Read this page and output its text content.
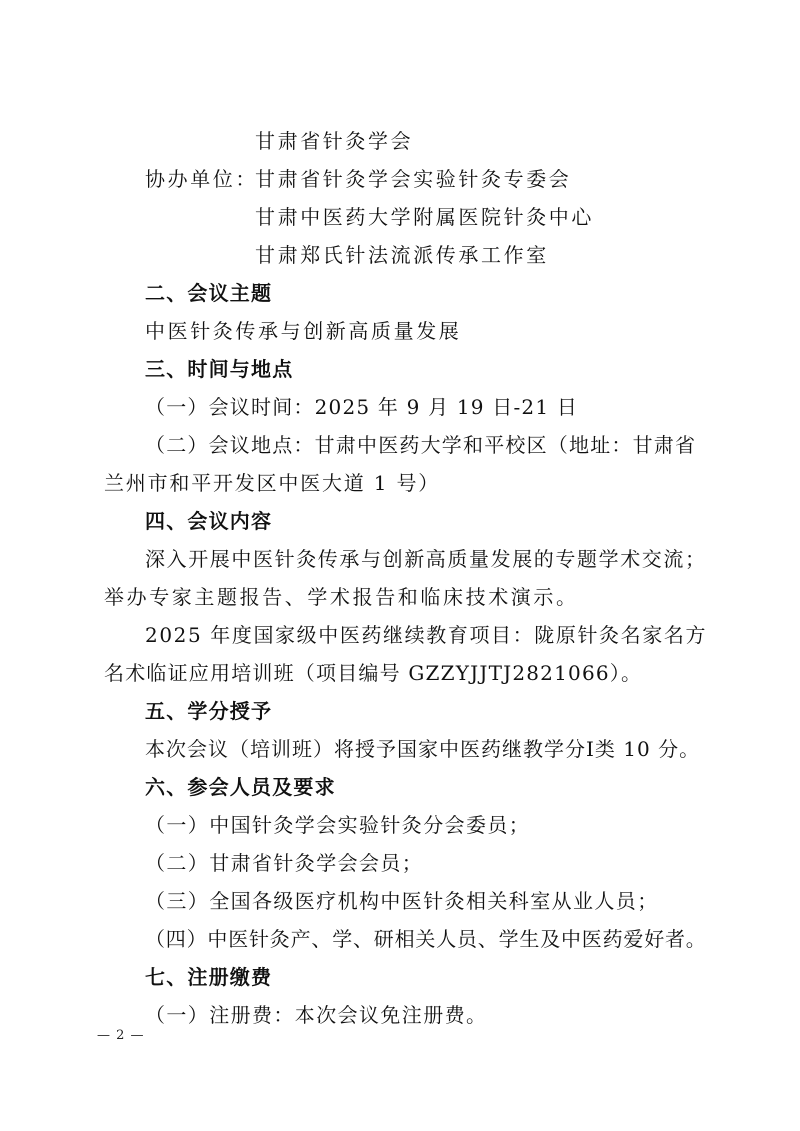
甘肃省针灸学会
协办单位：
甘肃省针灸学会实验针灸专委会
甘肃中医药大学附属医院针灸中心
甘肃郑氏针法流派传承工作室
二、会议主题
中医针灸传承与创新高质量发展
三、时间与地点
（一）会议时间：2025 年 9 月 19 日-21 日
（二）会议地点：甘肃中医药大学和平校区（地址：甘肃省
兰州市和平开发区中医大道 1 号）
四、会议内容
深入开展中医针灸传承与创新高质量发展的专题学术交流；
举办专家主题报告、学术报告和临床技术演示。
2025 年度国家级中医药继续教育项目：陇原针灸名家名方
名术临证应用培训班（项目编号 GZZYJJTJ2821066）。
五、学分授予
本次会议（培训班）将授予国家中医药继教学分Ⅰ类 10 分。
六、参会人员及要求
（一）中国针灸学会实验针灸分会委员；
（二）甘肃省针灸学会会员；
（三）全国各级医疗机构中医针灸相关科室从业人员；
（四）中医针灸产、学、研相关人员、学生及中医药爱好者。
七、注册缴费
（一）注册费：本次会议免注册费。
— 2 —
